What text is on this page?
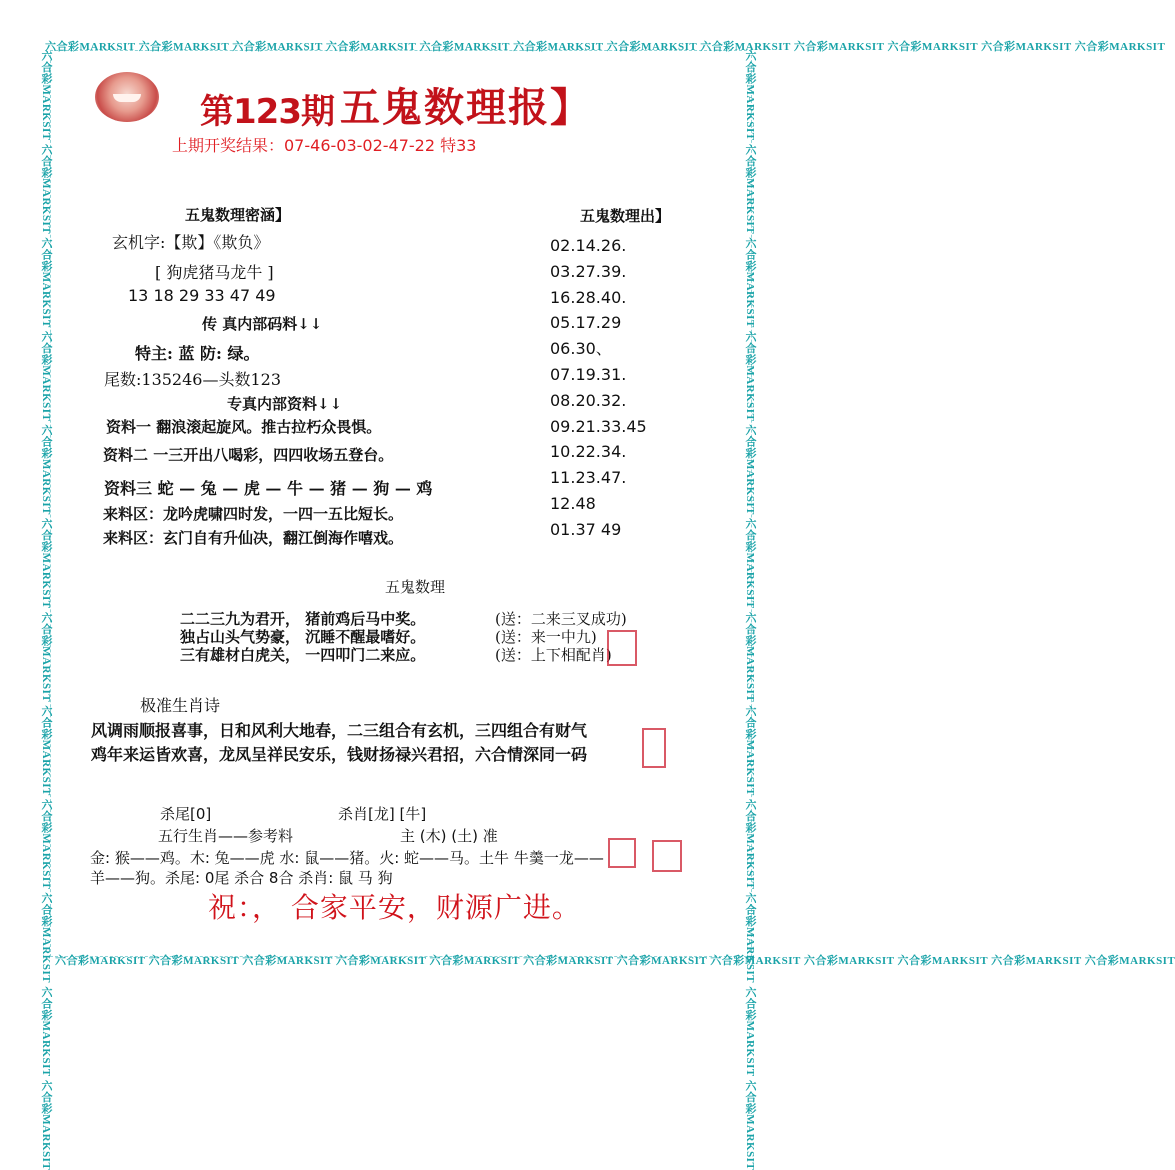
六合彩MARKSIT 六合彩MARKSIT 六合彩MARKSIT 六合彩MARKSIT 六合彩MARKSIT 六合彩MARKSIT 六合彩MARKSIT 六合彩MARKSIT 六合彩MARKSIT 六合彩MARKSIT 六合彩MARKSIT 六合彩MARKSIT
六合彩MARKSIT 六合彩MARKSIT 六合彩MARKSIT 六合彩MARKSIT 六合彩MARKSIT 六合彩MARKSIT 六合彩MARKSIT 六合彩MARKSIT 六合彩MARKSIT 六合彩MARKSIT 六合彩MARKSIT 六合彩MARKSIT
六合彩MARKSIT 六合彩MARKSIT 六合彩MARKSIT 六合彩MARKSIT 六合彩MARKSIT 六合彩MARKSIT 六合彩MARKSIT 六合彩MARKSIT 六合彩MARKSIT 六合彩MARKSIT 六合彩MARKSIT 六合彩MARKSIT	六合彩MARKSIT 六合彩MARKSIT 六合彩MARKSIT 六合彩MARKSIT 六合彩MARKSIT 六合彩MARKSIT 六合彩MARKSIT 六合彩MARKSIT 六合彩MARKSIT 六合彩MARKSIT 六合彩MARKSIT 六合彩MARKSIT
第123期 五鬼数理报】
上期开奖结果：07-46-03-02-47-22 特33
五鬼数理密涵】
玄机字:【欺】《欺负》
[ 狗虎猪马龙牛 ]
13 18 29 33 47 49
传 真内部码料↓↓
特主: 蓝 防: 绿。
尾数:135246—头数123
专真内部资料↓↓
资料一 翻浪滚起旋风。推古拉朽众畏惧。
资料二 一三开出八喝彩，四四收场五登台。
资料三 蛇 — 兔 — 虎 — 牛 — 猪 — 狗 — 鸡
来料区：龙吟虎啸四时发，一四一五比短长。
来料区：玄门自有升仙决，翻江倒海作嘻戏。
五鬼数理出】
02.14.26.
03.27.39.
16.28.40.
05.17.29
06.30、
07.19.31.
08.20.32.
09.21.33.45
10.22.34.
11.23.47.
12.48
01.37 49
五鬼数理
二二三九为君开， 猪前鸡后马中奖。	(送：二来三叉成功)
独占山头气势豪， 沉睡不醒最嗜好。	(送：来一中九)
三有雄材白虎关， 一四叩门二来应。	(送：上下相配肖)
极准生肖诗
风调雨顺报喜事，日和风利大地春，二三组合有玄机，三四组合有财气
鸡年来运皆欢喜，龙凤呈祥民安乐，钱财扬禄兴君招，六合情深同一码
杀尾[0]	杀肖[龙] [牛]
五行生肖——参考料	主 (木) (土) 准
金: 猴——鸡。木: 兔——虎 水: 鼠——猪。火: 蛇——马。土牛 牛羹一龙——
羊——狗。杀尾: 0尾 杀合 8合 杀肖: 鼠 马 狗
祝：， 合家平安，财源广进。
